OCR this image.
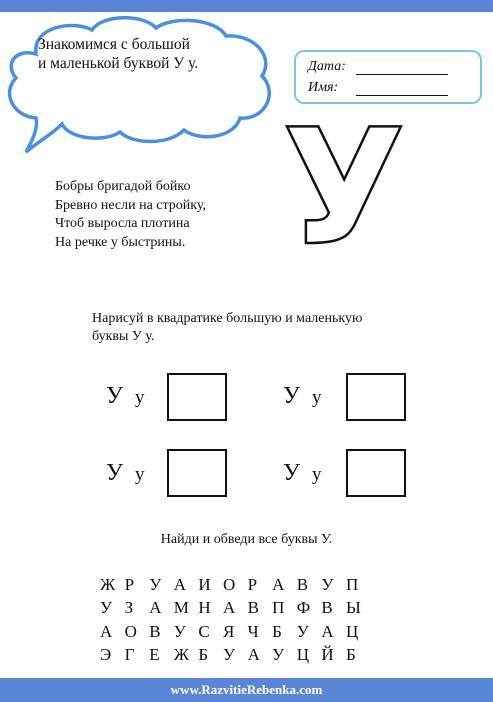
Знакомимся с большой
и маленькой буквой У у.	Дата:
Имя:
У
Бобры бригадой бойко
Бревно несли на стройку,
Чтоб выросла плотина
На речке у быстрины.
Нарисуй в квадратике большую и маленькую
буквы У у.
У у	У у
У у	У у
Найди и обведи все буквы У.
Ж Р У А И О Р А В У П
У З А М Н А В П Ф В Ы
А О В У С Я Ч Б У А Ц
Э Г Е Ж Б У А У Ц Й Б
www.RazvitieRebenka.com
